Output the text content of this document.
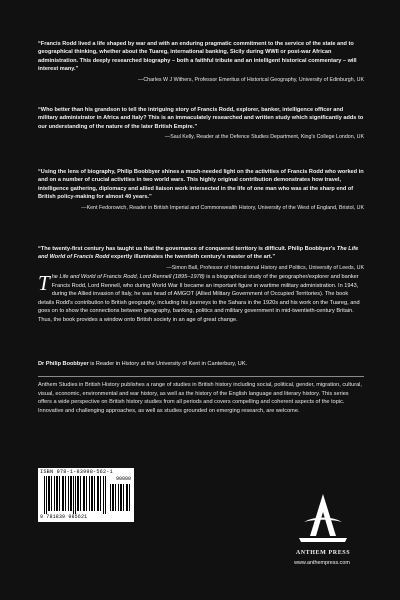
“Francis Rodd lived a life shaped by war and with an enduring pragmatic commitment to the service of the state and to geographical thinking, whether about the Tuareg, international banking, Sicily during WWII or post-war African administration. This deeply researched biography – both a faithful tribute and an intelligent historical commentary – will interest many.”

—Charles W J Withers, Professor Emeritus of Historical Geography, University of Edinburgh, UK

“Who better than his grandson to tell the intriguing story of Francis Rodd, explorer, banker, intelligence officer and military administrator in Africa and Italy? This is an immaculately researched and written study which significantly adds to our understanding of the nature of the later British Empire.”

—Saul Kelly, Reader at the Defence Studies Department, King's College London, UK

“Using the lens of biography, Philip Boobbyer shines a much-needed light on the activities of Francis Rodd who worked in and on a number of crucial activities in two world wars. This highly original contribution demonstrates how travel, intelligence gathering, diplomacy and allied liaison work intersected in the life of one man who was at the sharp end of British policy-making for almost 40 years.”

—Kent Fedorowich, Reader in British Imperial and Commonwealth History, University of the West of England, Bristol, UK

“The twenty-first century has taught us that the governance of conquered territory is difficult. Philip Boobbyer's The Life and World of Francis Rodd expertly illuminates the twentieth century's master of the art.”

—Simon Ball, Professor of International History and Politics, University of Leeds, UK

The Life and World of Francis Rodd, Lord Rennell (1895–1978) is a biographical study of the geographer/explorer and banker Francis Rodd, Lord Rennell, who during World War II became an important figure in wartime military administration. In 1943, during the Allied invasion of Italy, he was head of AMGOT (Allied Military Government of Occupied Territories). The book details Rodd's contribution to British geography, including his journeys to the Sahara in the 1920s and his work on the Tuareg, and goes on to show the connections between geography, banking, politics and military government in mid-twentieth-century Britain. Thus, the book provides a window onto British society in an age of great change.
Dr Philip Boobbyer is Reader in History at the University of Kent in Canterbury, UK.
Anthem Studies in British History publishes a range of studies in British history including social, political, gender, migration, cultural, visual, economic, environmental and war history, as well as the history of the English language and literary history. This series offers a wide perspective on British history studies from all periods and covers compelling and coherent aspects of the topic. Innovative and challenging approaches, as well as studies grounded on emerging research, are welcome.
ISBN 978-1-83998-562-1
90000
9 781839 985621
ANTHEM PRESS
www.anthempress.com
